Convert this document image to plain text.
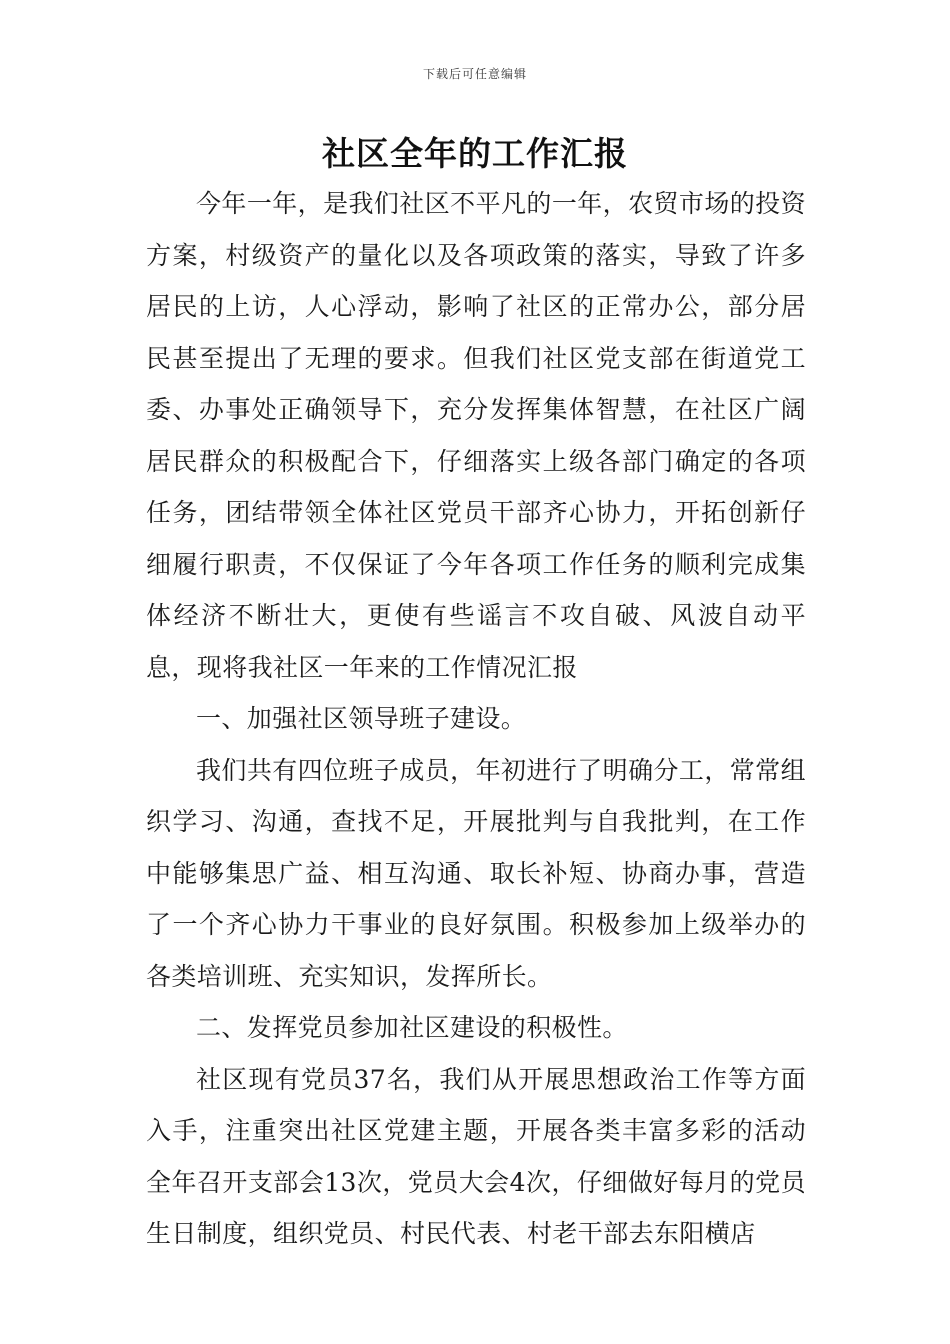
下载后可任意编辑
社区全年的工作汇报

今年一年，是我们社区不平凡的一年，农贸市场的投资方案，村级资产的量化以及各项政策的落实，导致了许多居民的上访，人心浮动，影响了社区的正常办公，部分居民甚至提出了无理的要求。但我们社区党支部在街道党工委、办事处正确领导下，充分发挥集体智慧，在社区广阔居民群众的积极配合下，仔细落实上级各部门确定的各项任务，团结带领全体社区党员干部齐心协力，开拓创新仔细履行职责，不仅保证了今年各项工作任务的顺利完成集体经济不断壮大，更使有些谣言不攻自破、风波自动平息，现将我社区一年来的工作情况汇报

一、加强社区领导班子建设。

我们共有四位班子成员，年初进行了明确分工，常常组织学习、沟通，查找不足，开展批判与自我批判，在工作中能够集思广益、相互沟通、取长补短、协商办事，营造了一个齐心协力干事业的良好氛围。积极参加上级举办的各类培训班、充实知识，发挥所长。

二、发挥党员参加社区建设的积极性。

社区现有党员37名，我们从开展思想政治工作等方面入手，注重突出社区党建主题，开展各类丰富多彩的活动全年召开支部会13次，党员大会4次，仔细做好每月的党员生日制度，组织党员、村民代表、村老干部去东阳横店
